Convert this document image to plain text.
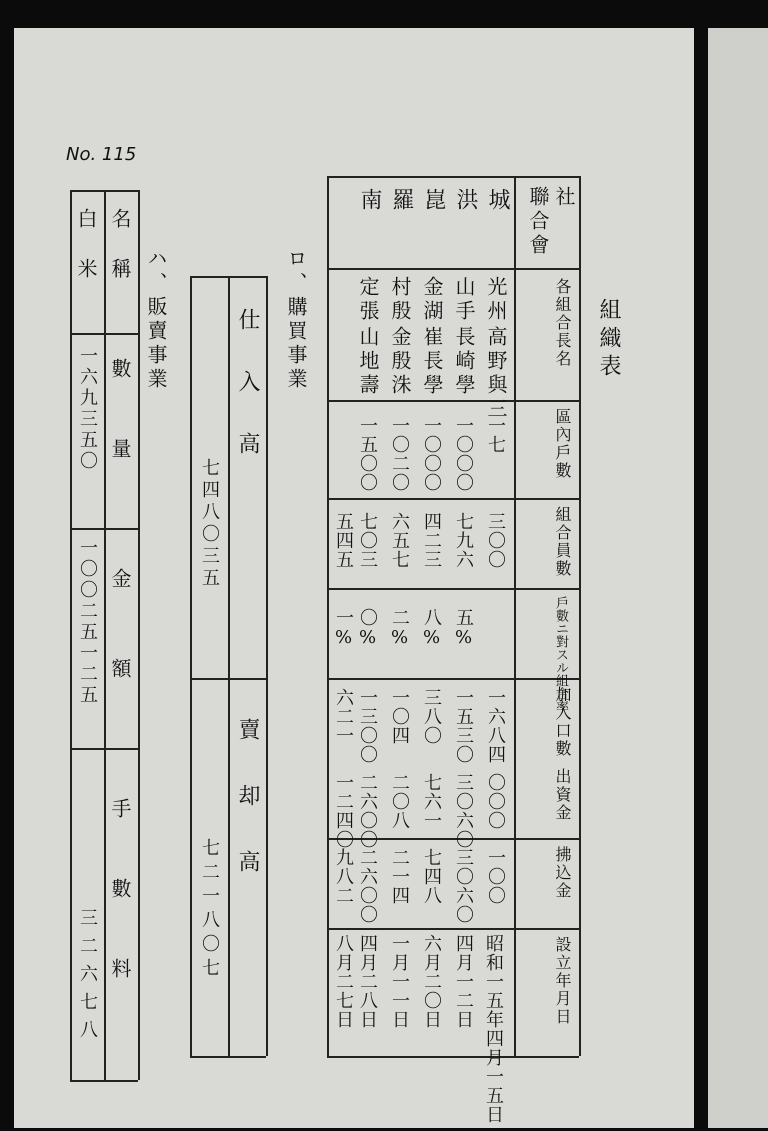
No. 115
組織表
社
聯合會
各組合長名
區內戶數
組合員數
戶數ニ對スル組合率
加入口數
出資金
拂込金
設立年月日
城
光州
高野與三
一七
三〇〇
一六八四
〇〇〇
一〇〇
昭和一五年四月一五日
洪
山手
長崎學
一〇〇〇
七九六
五%
一五三〇
三〇六〇
三〇六〇
四月一二日
崑
金湖
崔長學
一〇〇〇
四二三
八%
三八〇
七六一
七四八
六月二〇日
羅
村殷
金殷洙
一〇二〇
六五七
二%
一〇四
二〇八
二一四
一月一一日
南
定張
山地壽
一五〇〇
七〇三
〇%
一三〇〇
二六〇〇
二六〇〇
四月二八日
五四五
一%
六二一
一二四〇
九八二
八月二七日
ロ、購買事業
仕入高
賣却高
七四八〇三五
七二一八〇七
ハ、販賣事業
名稱
數量
金額
手數料
白米
一六九三五〇
一〇〇二五一二五
三二六七八
